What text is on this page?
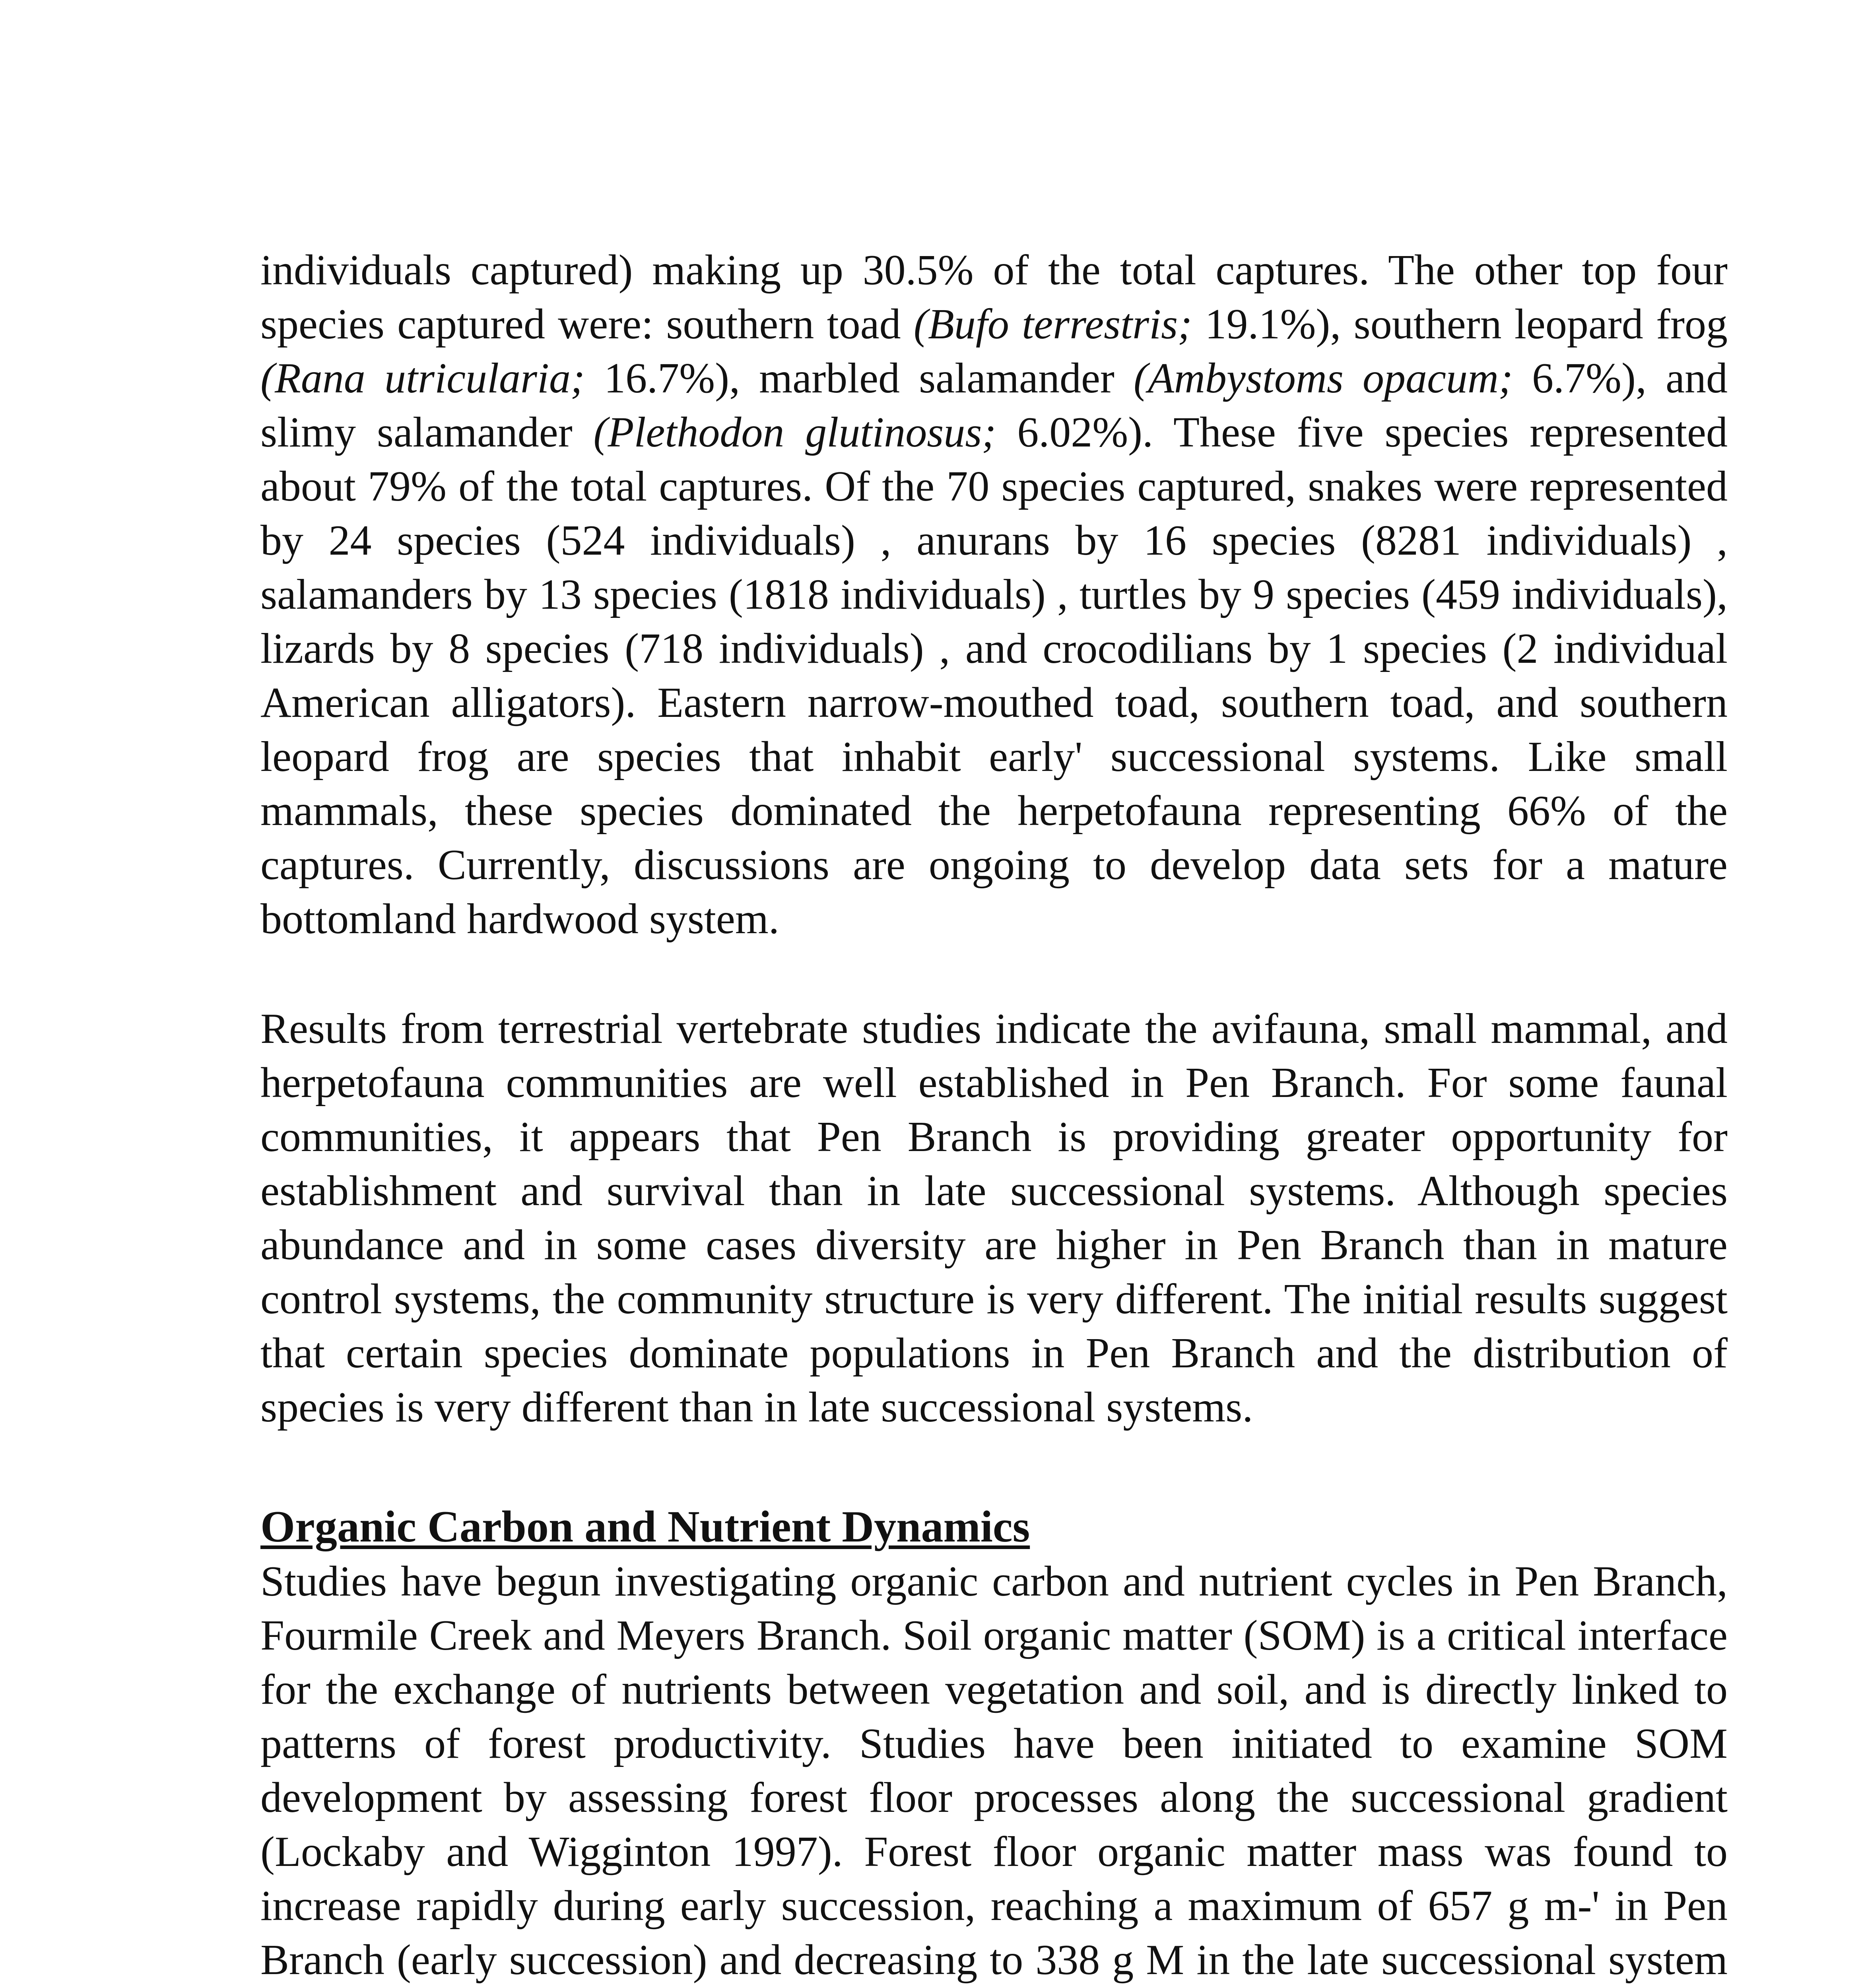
individuals captured) making up 30.5% of the total captures. The other top four species captured were: southern toad (Bufo terrestris; 19.1%), southern leopard frog (Rana utricularia; 16.7%), marbled salamander (Ambystoms opacum; 6.7%), and slimy salamander (Plethodon glutinosus; 6.02%). These five species represented about 79% of the total captures. Of the 70 species captured, snakes were represented by 24 species (524 individuals) , anurans by 16 species (8281 individuals) , salamanders by 13 species (1818 individuals) , turtles by 9 species (459 individuals), lizards by 8 species (718 individuals) , and crocodilians by 1 species (2 individual American alligators). Eastern narrow-mouthed toad, southern toad, and southern leopard frog are species that inhabit early' successional systems. Like small mammals, these species dominated the herpetofauna representing 66% of the captures. Currently, discussions are ongoing to develop data sets for a mature bottomland hardwood system.

Results from terrestrial vertebrate studies indicate the avifauna, small mammal, and herpetofauna communities are well established in Pen Branch. For some faunal communities, it appears that Pen Branch is providing greater opportunity for establishment and survival than in late successional systems. Although species abundance and in some cases diversity are higher in Pen Branch than in mature control systems, the community structure is very different. The initial results suggest that certain species dominate populations in Pen Branch and the distribution of species is very different than in late successional systems.

Organic Carbon and Nutrient Dynamics

Studies have begun investigating organic carbon and nutrient cycles in Pen Branch, Fourmile Creek and Meyers Branch. Soil organic matter (SOM) is a critical interface for the exchange of nutrients between vegetation and soil, and is directly linked to patterns of forest productivity. Studies have been initiated to examine SOM development by assessing forest floor processes along the successional gradient (Lockaby and Wigginton 1997). Forest floor organic matter mass was found to increase rapidly during early succession, reaching a maximum of 657 g m-' in Pen Branch (early succession) and decreasing to 338 g M in the late successional system
